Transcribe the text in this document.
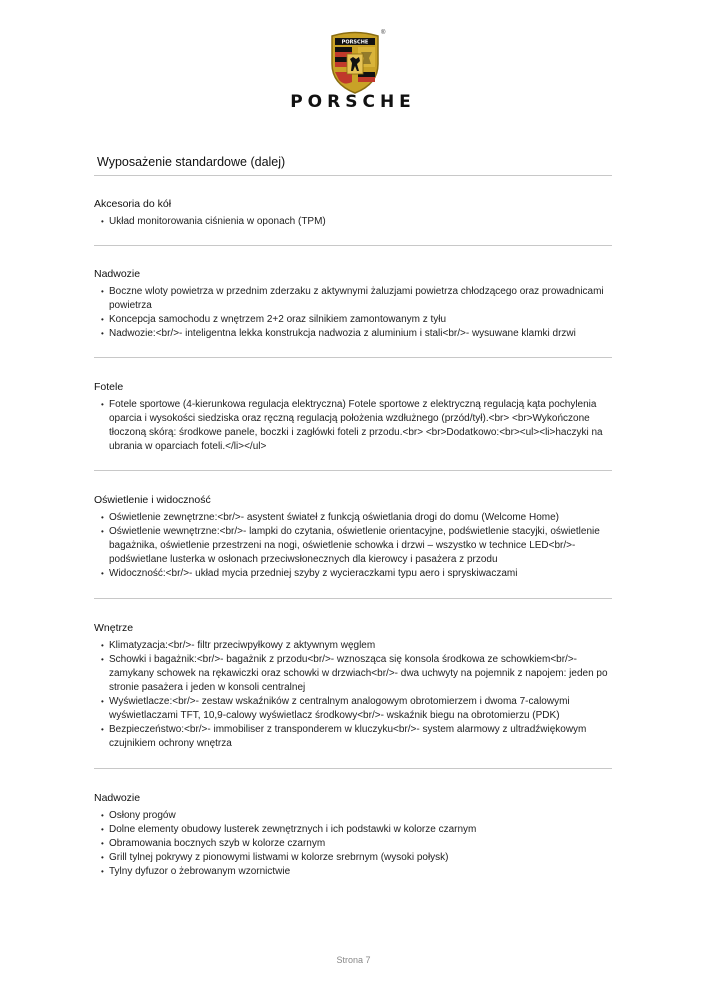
PORSCHE
®
PORSCHE
Wyposażenie standardowe (dalej)
Akcesoria do kół
• Układ monitorowania ciśnienia w oponach (TPM)
Nadwozie
• Boczne wloty powietrza w przednim zderzaku z aktywnymi żaluzjami powietrza chłodzącego oraz prowadnicami powietrza
• Koncepcja samochodu z wnętrzem 2+2 oraz silnikiem zamontowanym z tyłu
• Nadwozie:<br/>- inteligentna lekka konstrukcja nadwozia z aluminium i stali<br/>- wysuwane klamki drzwi
Fotele
• Fotele sportowe (4-kierunkowa regulacja elektryczna) Fotele sportowe z elektryczną regulacją kąta pochylenia oparcia i wysokości siedziska oraz ręczną regulacją położenia wzdłużnego (przód/tył).<br> <br>Wykończone tłoczoną skórą: środkowe panele, boczki i zagłówki foteli z przodu.<br> <br>Dodatkowo:<br><ul><li>haczyki na ubrania w oparciach foteli.</li></ul>
Oświetlenie i widoczność
• Oświetlenie zewnętrzne:<br/>- asystent świateł z funkcją oświetlania drogi do domu (Welcome Home)
• Oświetlenie wewnętrzne:<br/>- lampki do czytania, oświetlenie orientacyjne, podświetlenie stacyjki, oświetlenie bagażnika, oświetlenie przestrzeni na nogi, oświetlenie schowka i drzwi – wszystko w technice LED<br/>- podświetlane lusterka w osłonach przeciwsłonecznych dla kierowcy i pasażera z przodu
• Widoczność:<br/>- układ mycia przedniej szyby z wycieraczkami typu aero i spryskiwaczami
Wnętrze
• Klimatyzacja:<br/>- filtr przeciwpyłkowy z aktywnym węglem
• Schowki i bagażnik:<br/>- bagażnik z przodu<br/>- wznosząca się konsola środkowa ze schowkiem<br/>- zamykany schowek na rękawiczki oraz schowki w drzwiach<br/>- dwa uchwyty na pojemnik z napojem: jeden po stronie pasażera i jeden w konsoli centralnej
• Wyświetlacze:<br/>- zestaw wskaźników z centralnym analogowym obrotomierzem i dwoma 7-calowymi wyświetlaczami TFT, 10,9-calowy wyświetlacz środkowy<br/>- wskaźnik biegu na obrotomierzu (PDK)
• Bezpieczeństwo:<br/>- immobiliser z transponderem w kluczyku<br/>- system alarmowy z ultradźwiękowym czujnikiem ochrony wnętrza
Nadwozie
• Osłony progów
• Dolne elementy obudowy lusterek zewnętrznych i ich podstawki w kolorze czarnym
• Obramowania bocznych szyb w kolorze czarnym
• Grill tylnej pokrywy z pionowymi listwami w kolorze srebrnym (wysoki połysk)
• Tylny dyfuzor o żebrowanym wzornictwie
Strona 7
